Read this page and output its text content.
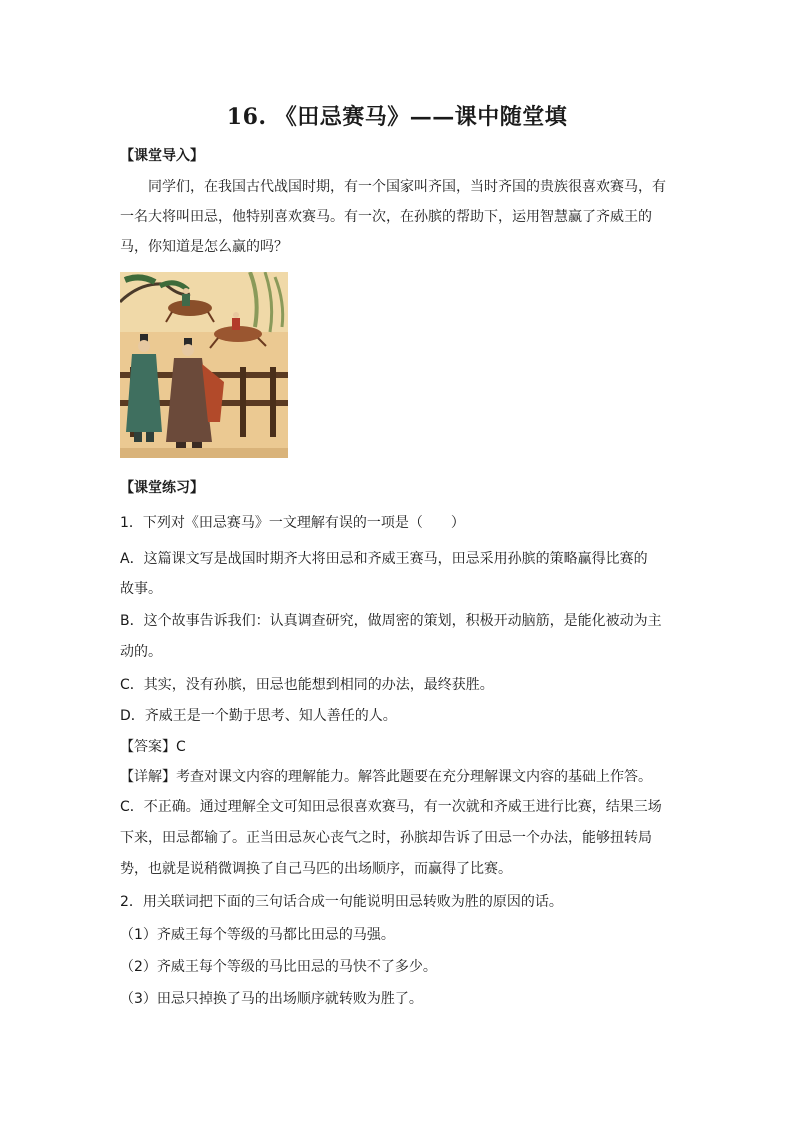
16. 《田忌赛马》——课中随堂填
【课堂导入】
同学们，在我国古代战国时期，有一个国家叫齐国，当时齐国的贵族很喜欢赛马，有
一名大将叫田忌，他特别喜欢赛马。有一次，在孙膑的帮助下，运用智慧赢了齐威王的
马，你知道是怎么赢的吗？
【课堂练习】
1．下列对《田忌赛马》一文理解有误的一项是（　　）
A．这篇课文写是战国时期齐大将田忌和齐威王赛马，田忌采用孙膑的策略赢得比赛的
故事。
B．这个故事告诉我们：认真调查研究，做周密的策划，积极开动脑筋，是能化被动为主
动的。
C．其实，没有孙膑，田忌也能想到相同的办法，最终获胜。
D．齐威王是一个勤于思考、知人善任的人。
【答案】C
【详解】考查对课文内容的理解能力。解答此题要在充分理解课文内容的基础上作答。
C．不正确。通过理解全文可知田忌很喜欢赛马，有一次就和齐威王进行比赛，结果三场
下来，田忌都输了。正当田忌灰心丧气之时，孙膑却告诉了田忌一个办法，能够扭转局
势，也就是说稍微调换了自己马匹的出场顺序，而赢得了比赛。
2．用关联词把下面的三句话合成一句能说明田忌转败为胜的原因的话。
（1）齐威王每个等级的马都比田忌的马强。
（2）齐威王每个等级的马比田忌的马快不了多少。
（3）田忌只掉换了马的出场顺序就转败为胜了。
